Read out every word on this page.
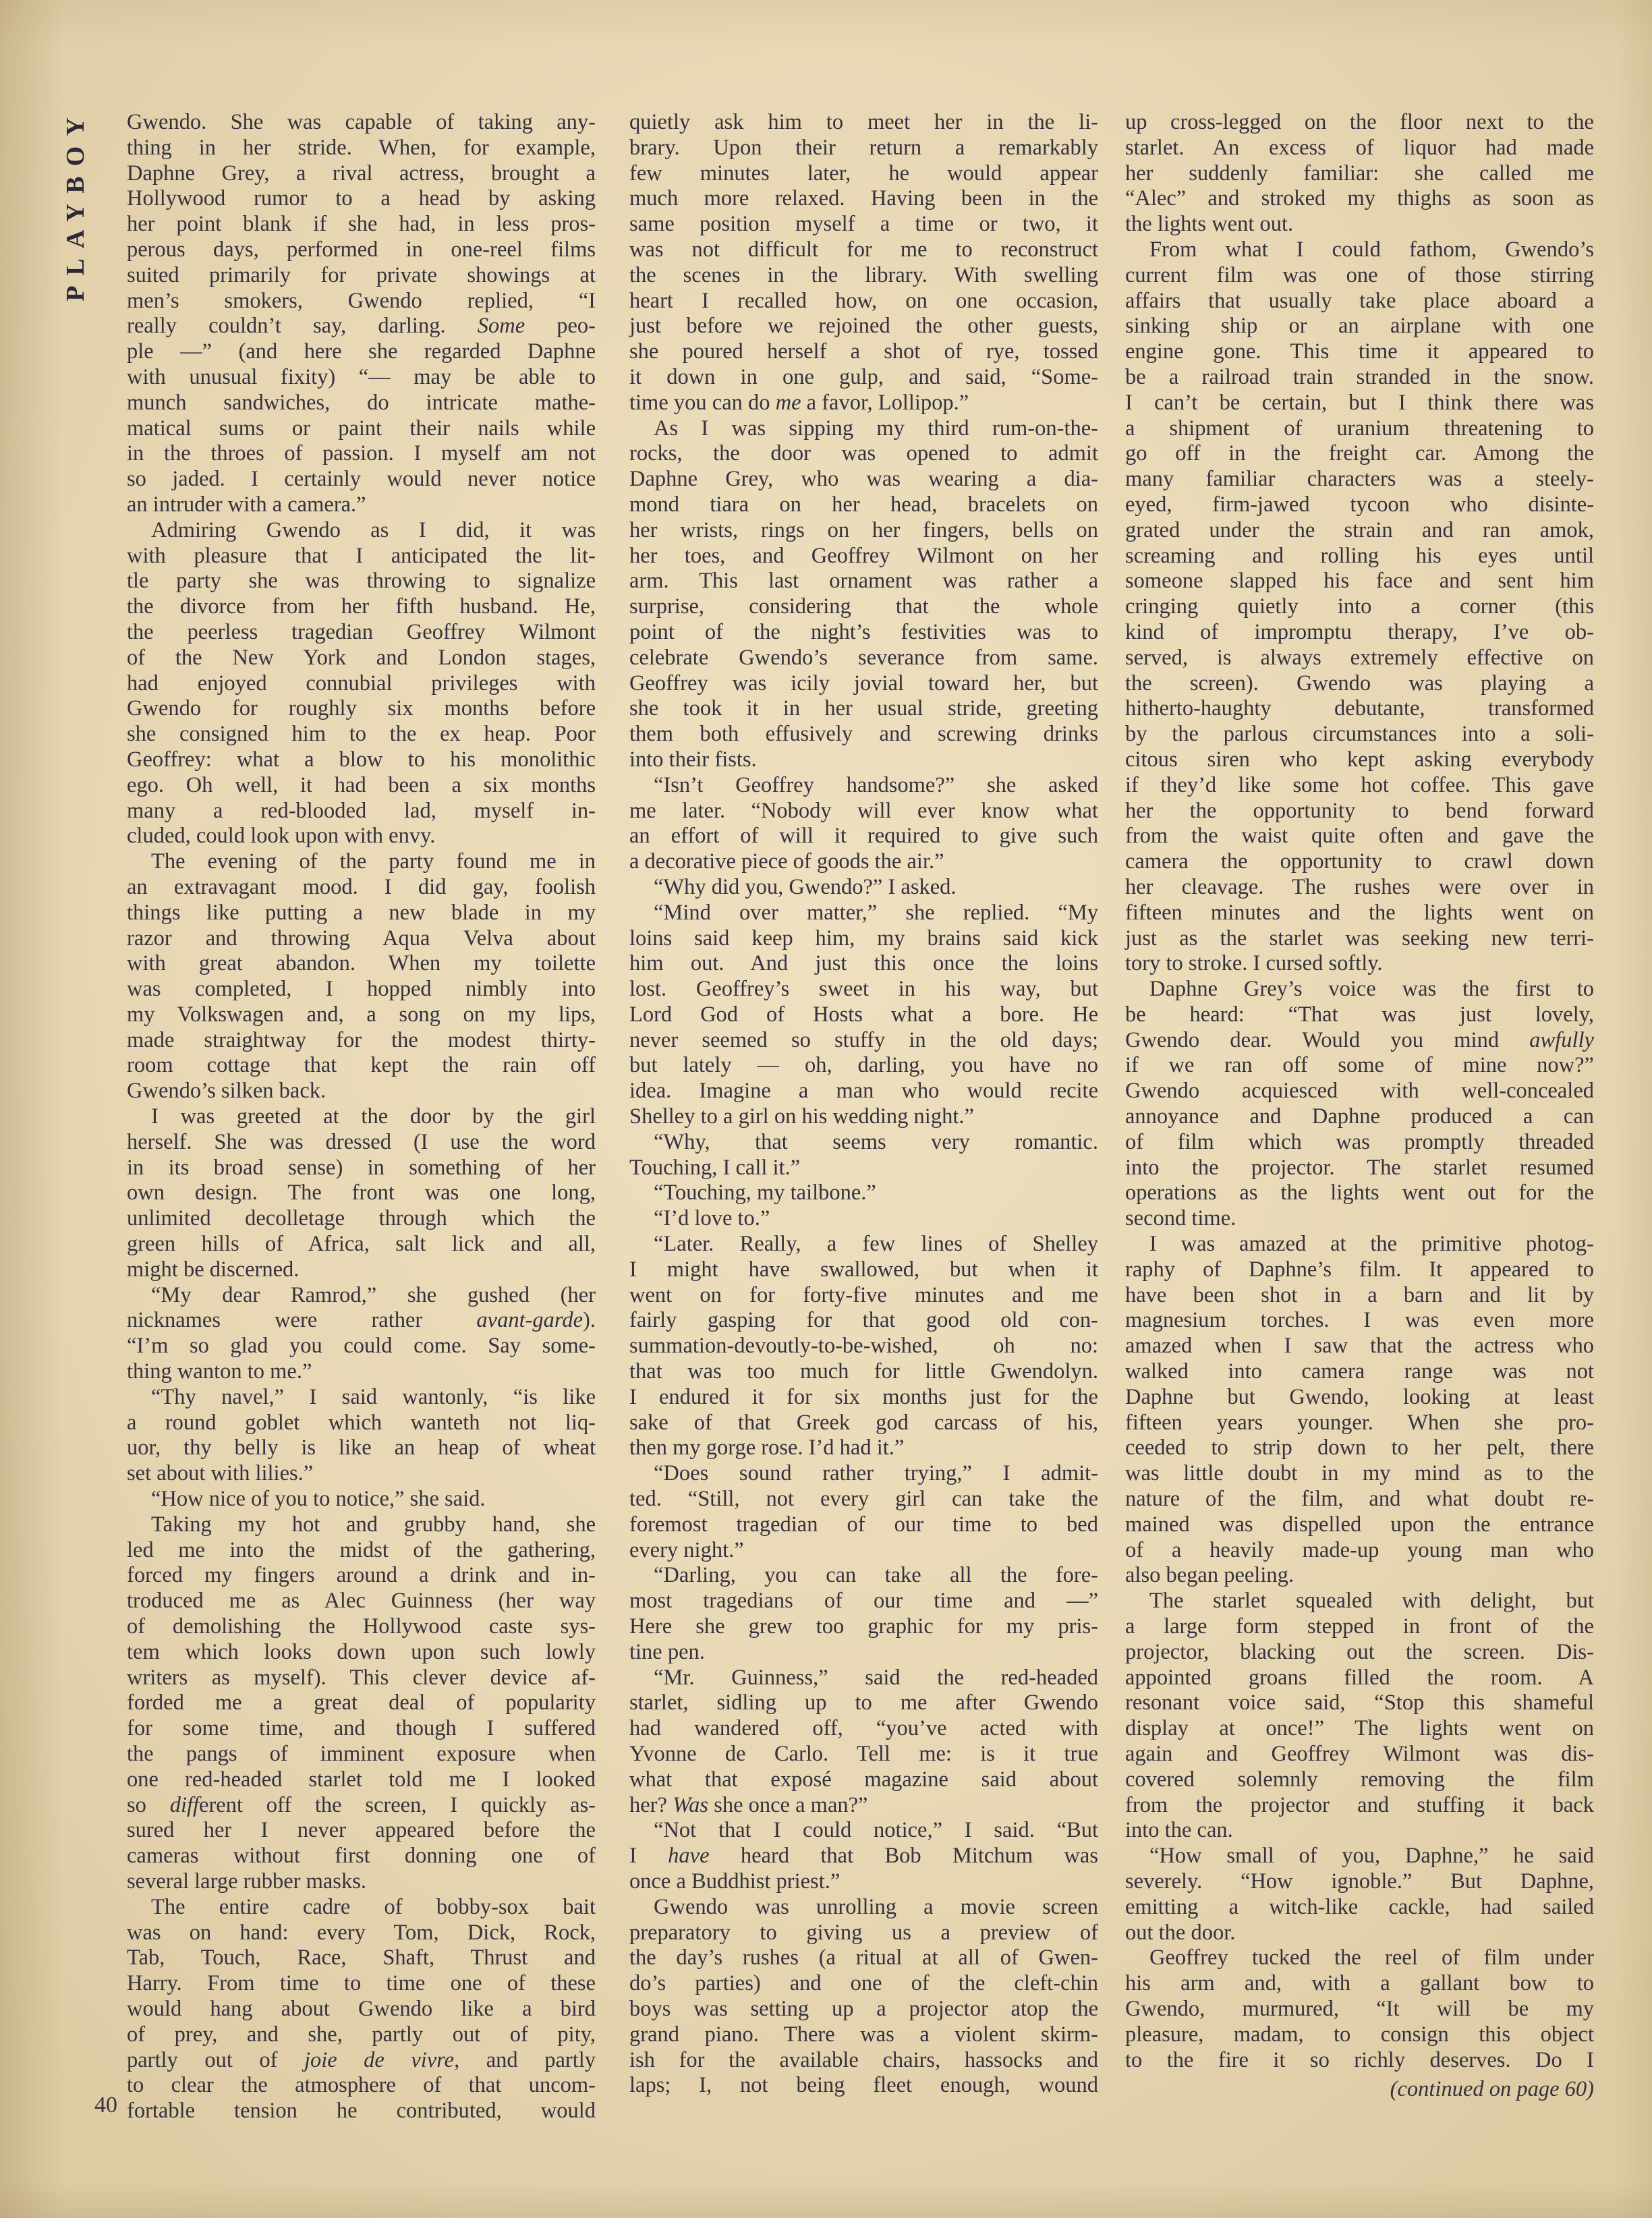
PLAYBOY
40
Gwendo. She was capable of taking any-
thing in her stride. When, for example,
Daphne Grey, a rival actress, brought a
Hollywood rumor to a head by asking
her point blank if she had, in less pros-
perous days, performed in one-reel films
suited primarily for private showings at
men’s smokers, Gwendo replied, “I
really couldn’t say, darling. Some peo-
ple —” (and here she regarded Daphne
with unusual fixity) “— may be able to
munch sandwiches, do intricate mathe-
matical sums or paint their nails while
in the throes of passion. I myself am not
so jaded. I certainly would never notice
an intruder with a camera.”
Admiring Gwendo as I did, it was
with pleasure that I anticipated the lit-
tle party she was throwing to signalize
the divorce from her fifth husband. He,
the peerless tragedian Geoffrey Wilmont
of the New York and London stages,
had enjoyed connubial privileges with
Gwendo for roughly six months before
she consigned him to the ex heap. Poor
Geoffrey: what a blow to his monolithic
ego. Oh well, it had been a six months
many a red-blooded lad, myself in-
cluded, could look upon with envy.
The evening of the party found me in
an extravagant mood. I did gay, foolish
things like putting a new blade in my
razor and throwing Aqua Velva about
with great abandon. When my toilette
was completed, I hopped nimbly into
my Volkswagen and, a song on my lips,
made straightway for the modest thirty-
room cottage that kept the rain off
Gwendo’s silken back.
I was greeted at the door by the girl
herself. She was dressed (I use the word
in its broad sense) in something of her
own design. The front was one long,
unlimited decolletage through which the
green hills of Africa, salt lick and all,
might be discerned.
“My dear Ramrod,” she gushed (her
nicknames were rather avant-garde).
“I’m so glad you could come. Say some-
thing wanton to me.”
“Thy navel,” I said wantonly, “is like
a round goblet which wanteth not liq-
uor, thy belly is like an heap of wheat
set about with lilies.”
“How nice of you to notice,” she said.
Taking my hot and grubby hand, she
led me into the midst of the gathering,
forced my fingers around a drink and in-
troduced me as Alec Guinness (her way
of demolishing the Hollywood caste sys-
tem which looks down upon such lowly
writers as myself). This clever device af-
forded me a great deal of popularity
for some time, and though I suffered
the pangs of imminent exposure when
one red-headed starlet told me I looked
so different off the screen, I quickly as-
sured her I never appeared before the
cameras without first donning one of
several large rubber masks.
The entire cadre of bobby-sox bait
was on hand: every Tom, Dick, Rock,
Tab, Touch, Race, Shaft, Thrust and
Harry. From time to time one of these
would hang about Gwendo like a bird
of prey, and she, partly out of pity,
partly out of joie de vivre, and partly
to clear the atmosphere of that uncom-
fortable tension he contributed, would
quietly ask him to meet her in the li-
brary. Upon their return a remarkably
few minutes later, he would appear
much more relaxed. Having been in the
same position myself a time or two, it
was not difficult for me to reconstruct
the scenes in the library. With swelling
heart I recalled how, on one occasion,
just before we rejoined the other guests,
she poured herself a shot of rye, tossed
it down in one gulp, and said, “Some-
time you can do me a favor, Lollipop.”
As I was sipping my third rum-on-the-
rocks, the door was opened to admit
Daphne Grey, who was wearing a dia-
mond tiara on her head, bracelets on
her wrists, rings on her fingers, bells on
her toes, and Geoffrey Wilmont on her
arm. This last ornament was rather a
surprise, considering that the whole
point of the night’s festivities was to
celebrate Gwendo’s severance from same.
Geoffrey was icily jovial toward her, but
she took it in her usual stride, greeting
them both effusively and screwing drinks
into their fists.
“Isn’t Geoffrey handsome?” she asked
me later. “Nobody will ever know what
an effort of will it required to give such
a decorative piece of goods the air.”
“Why did you, Gwendo?” I asked.
“Mind over matter,” she replied. “My
loins said keep him, my brains said kick
him out. And just this once the loins
lost. Geoffrey’s sweet in his way, but
Lord God of Hosts what a bore. He
never seemed so stuffy in the old days;
but lately — oh, darling, you have no
idea. Imagine a man who would recite
Shelley to a girl on his wedding night.”
“Why, that seems very romantic.
Touching, I call it.”
“Touching, my tailbone.”
“I’d love to.”
“Later. Really, a few lines of Shelley
I might have swallowed, but when it
went on for forty-five minutes and me
fairly gasping for that good old con-
summation-devoutly-to-be-wished, oh no:
that was too much for little Gwendolyn.
I endured it for six months just for the
sake of that Greek god carcass of his,
then my gorge rose. I’d had it.”
“Does sound rather trying,” I admit-
ted. “Still, not every girl can take the
foremost tragedian of our time to bed
every night.”
“Darling, you can take all the fore-
most tragedians of our time and —”
Here she grew too graphic for my pris-
tine pen.
“Mr. Guinness,” said the red-headed
starlet, sidling up to me after Gwendo
had wandered off, “you’ve acted with
Yvonne de Carlo. Tell me: is it true
what that exposé magazine said about
her? Was she once a man?”
“Not that I could notice,” I said. “But
I have heard that Bob Mitchum was
once a Buddhist priest.”
Gwendo was unrolling a movie screen
preparatory to giving us a preview of
the day’s rushes (a ritual at all of Gwen-
do’s parties) and one of the cleft-chin
boys was setting up a projector atop the
grand piano. There was a violent skirm-
ish for the available chairs, hassocks and
laps; I, not being fleet enough, wound
up cross-legged on the floor next to the
starlet. An excess of liquor had made
her suddenly familiar: she called me
“Alec” and stroked my thighs as soon as
the lights went out.
From what I could fathom, Gwendo’s
current film was one of those stirring
affairs that usually take place aboard a
sinking ship or an airplane with one
engine gone. This time it appeared to
be a railroad train stranded in the snow.
I can’t be certain, but I think there was
a shipment of uranium threatening to
go off in the freight car. Among the
many familiar characters was a steely-
eyed, firm-jawed tycoon who disinte-
grated under the strain and ran amok,
screaming and rolling his eyes until
someone slapped his face and sent him
cringing quietly into a corner (this
kind of impromptu therapy, I’ve ob-
served, is always extremely effective on
the screen). Gwendo was playing a
hitherto-haughty debutante, transformed
by the parlous circumstances into a soli-
citous siren who kept asking everybody
if they’d like some hot coffee. This gave
her the opportunity to bend forward
from the waist quite often and gave the
camera the opportunity to crawl down
her cleavage. The rushes were over in
fifteen minutes and the lights went on
just as the starlet was seeking new terri-
tory to stroke. I cursed softly.
Daphne Grey’s voice was the first to
be heard: “That was just lovely,
Gwendo dear. Would you mind awfully
if we ran off some of mine now?”
Gwendo acquiesced with well-concealed
annoyance and Daphne produced a can
of film which was promptly threaded
into the projector. The starlet resumed
operations as the lights went out for the
second time.
I was amazed at the primitive photog-
raphy of Daphne’s film. It appeared to
have been shot in a barn and lit by
magnesium torches. I was even more
amazed when I saw that the actress who
walked into camera range was not
Daphne but Gwendo, looking at least
fifteen years younger. When she pro-
ceeded to strip down to her pelt, there
was little doubt in my mind as to the
nature of the film, and what doubt re-
mained was dispelled upon the entrance
of a heavily made-up young man who
also began peeling.
The starlet squealed with delight, but
a large form stepped in front of the
projector, blacking out the screen. Dis-
appointed groans filled the room. A
resonant voice said, “Stop this shameful
display at once!” The lights went on
again and Geoffrey Wilmont was dis-
covered solemnly removing the film
from the projector and stuffing it back
into the can.
“How small of you, Daphne,” he said
severely. “How ignoble.” But Daphne,
emitting a witch-like cackle, had sailed
out the door.
Geoffrey tucked the reel of film under
his arm and, with a gallant bow to
Gwendo, murmured, “It will be my
pleasure, madam, to consign this object
to the fire it so richly deserves. Do I
(continued on page 60)
